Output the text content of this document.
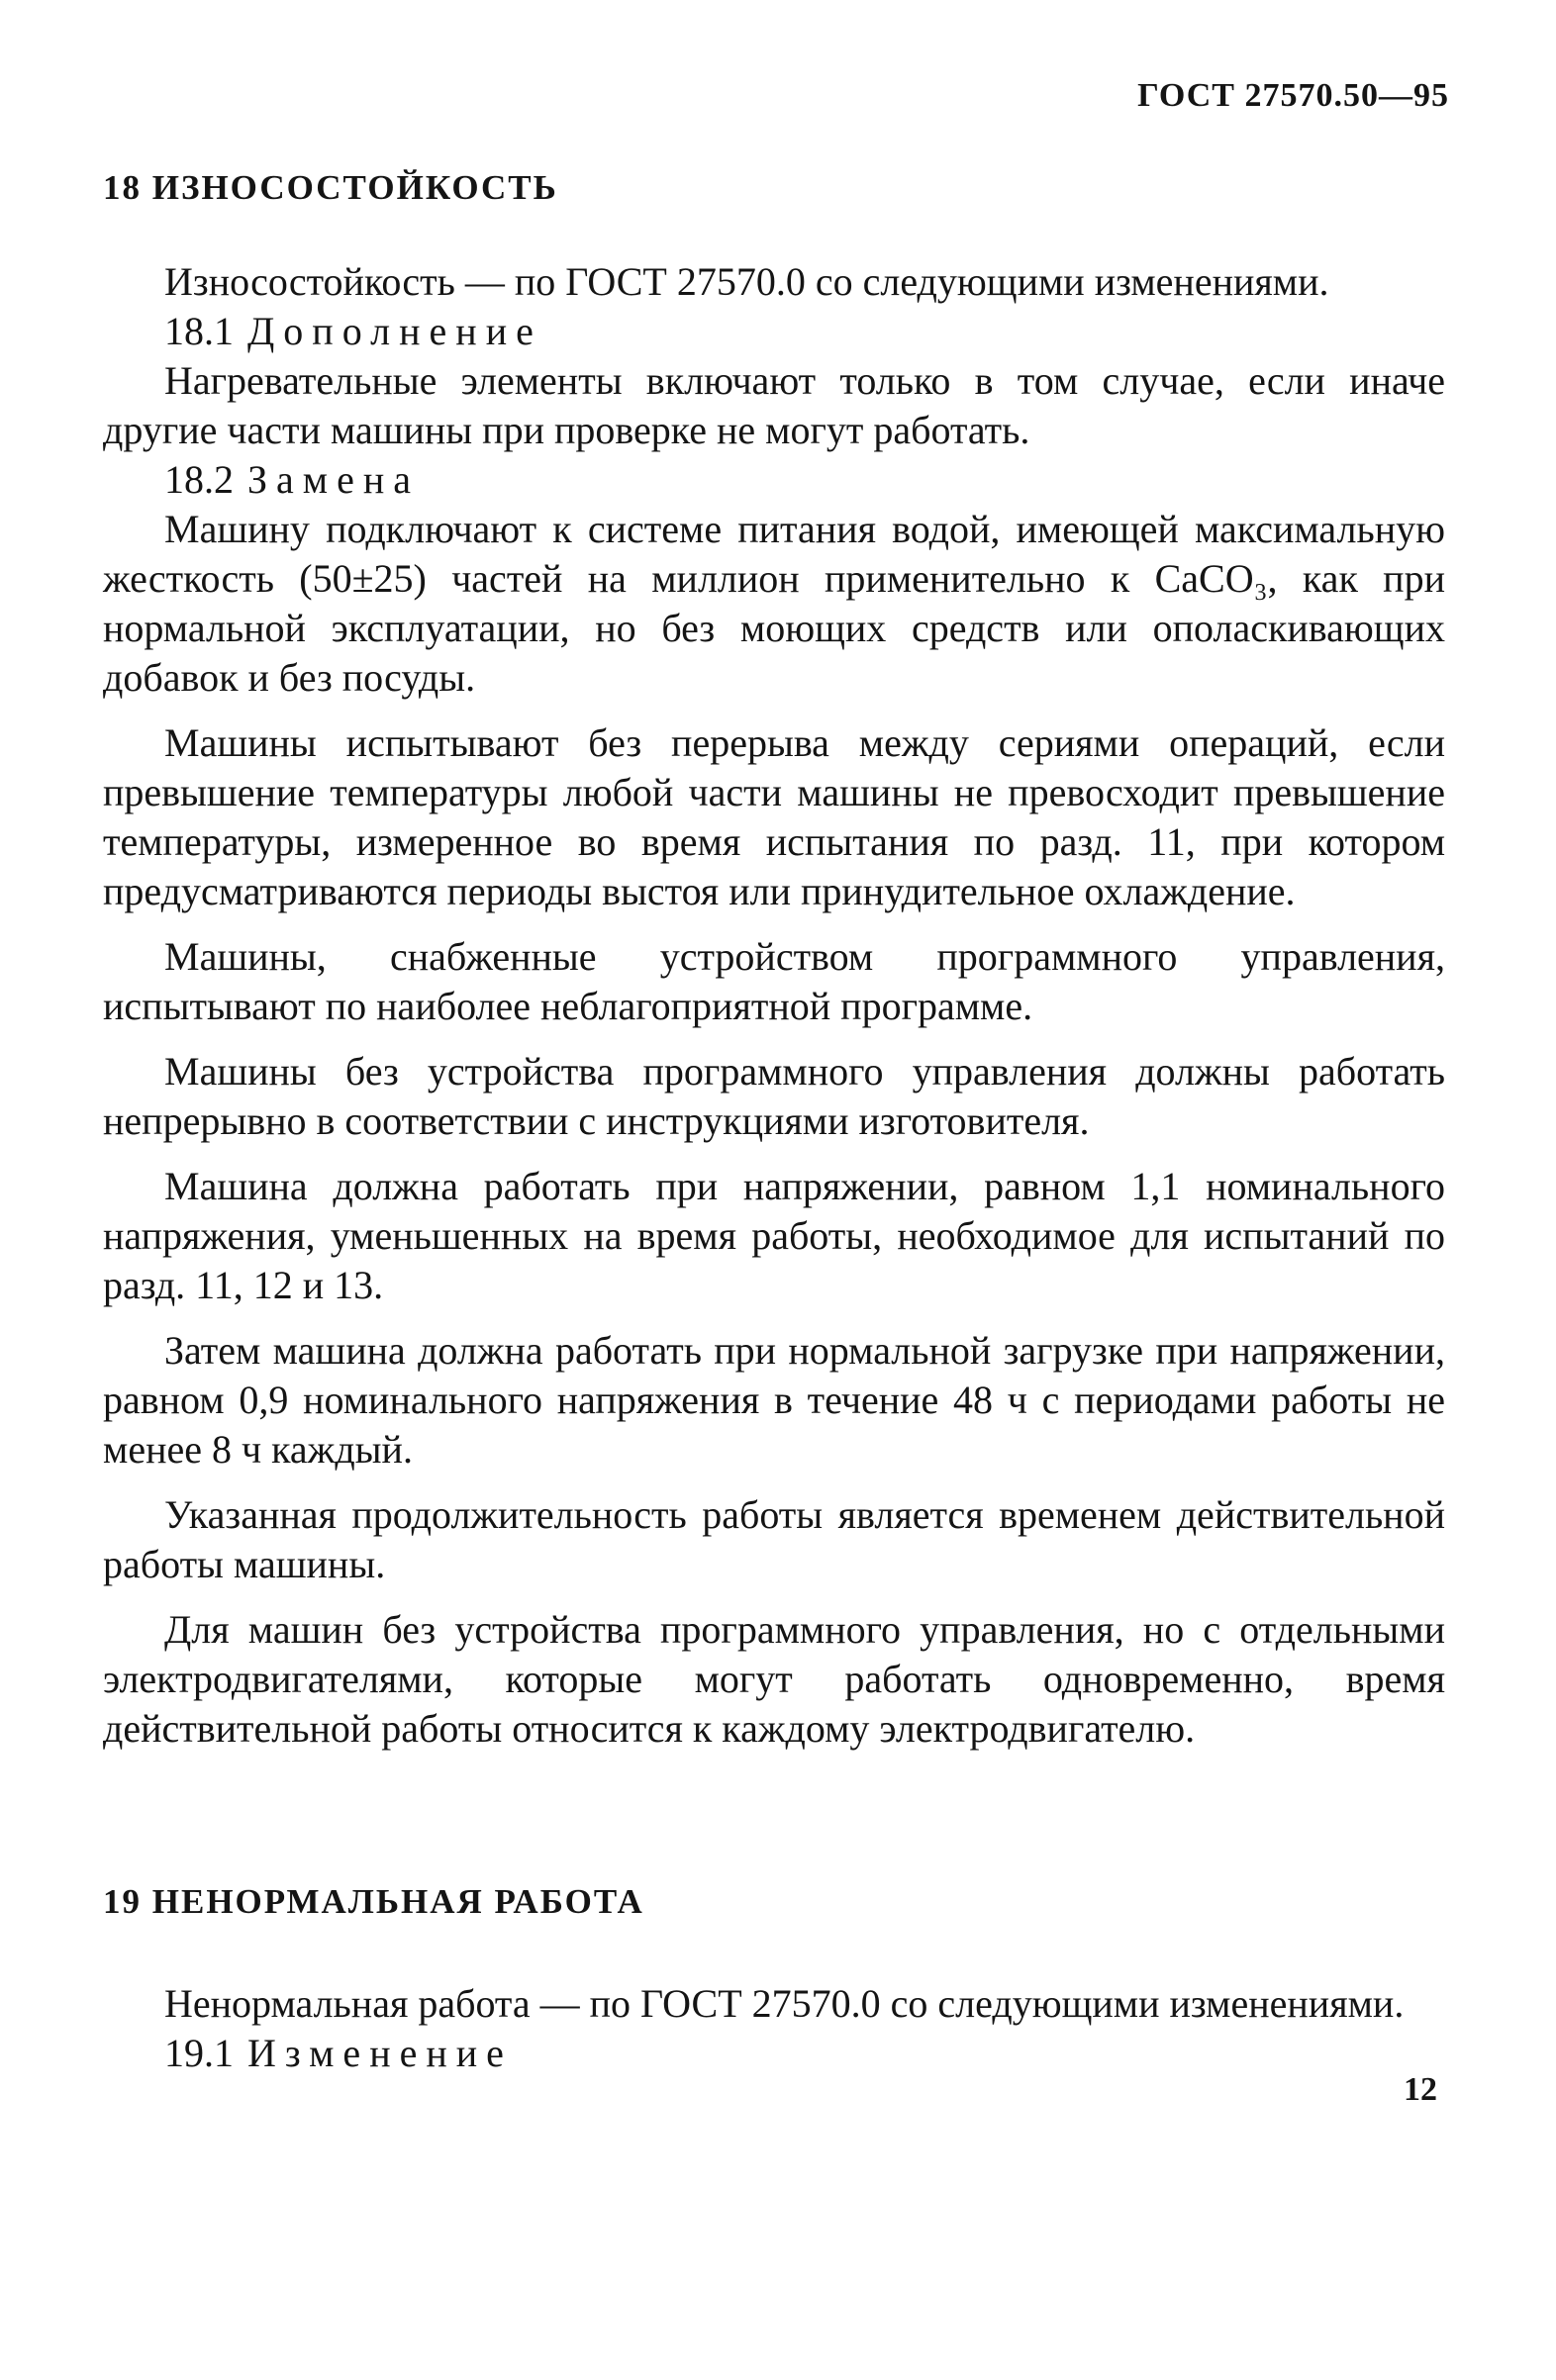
ГОСТ 27570.50—95
18 ИЗНОСОСТОЙКОСТЬ

Износостойкость — по ГОСТ 27570.0 со следующими изменениями.

18.1 Дополнение

Нагревательные элементы включают только в том случае, если иначе другие части машины при проверке не могут работать.

18.2 Замена

Машину подключают к системе питания водой, имеющей максимальную жесткость (50±25) частей на миллион применительно к CaCO₃, как при нормальной эксплуатации, но без моющих средств или ополаскивающих добавок и без посуды.

Машины испытывают без перерыва между сериями операций, если превышение температуры любой части машины не превосходит превышение температуры, измеренное во время испытания по разд. 11, при котором предусматриваются периоды выстоя или принудительное охлаждение.

Машины, снабженные устройством программного управления, испытывают по наиболее неблагоприятной программе.

Машины без устройства программного управления должны работать непрерывно в соответствии с инструкциями изготовителя.

Машина должна работать при напряжении, равном 1,1 номинального напряжения, уменьшенных на время работы, необходимое для испытаний по разд. 11, 12 и 13.

Затем машина должна работать при нормальной загрузке при напряжении, равном 0,9 номинального напряжения в течение 48 ч с периодами работы не менее 8 ч каждый.

Указанная продолжительность работы является временем действительной работы машины.

Для машин без устройства программного управления, но с отдельными электродвигателями, которые могут работать одновременно, время действительной работы относится к каждому электродвигателю.

19 НЕНОРМАЛЬНАЯ РАБОТА

Ненормальная работа — по ГОСТ 27570.0 со следующими изменениями.

19.1 Изменение
12
